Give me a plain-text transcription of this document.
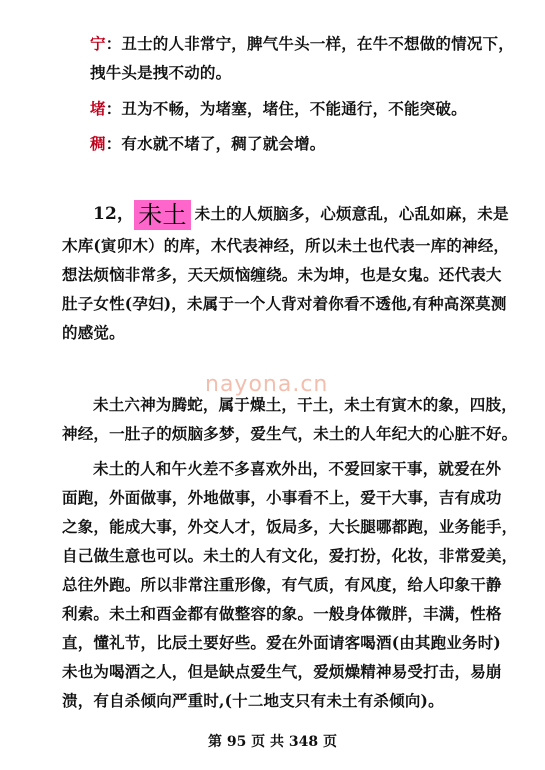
宁：丑士的人非常宁，脾气牛头一样，在牛不想做的情况下，
拽牛头是拽不动的。
堵：丑为不畅，为堵塞，堵住，不能通行，不能突破。
稠：有水就不堵了，稠了就会增。
12， 未土 未土的人烦脑多，心烦意乱，心乱如麻，未是
木库(寅卯木）的库，木代表神经，所以未土也代表一库的神经，
想法烦恼非常多，天天烦恼缠绕。未为坤，也是女鬼。还代表大
肚子女性(孕妇)，未属于一个人背对着你看不透他,有种高深莫测
的感觉。
nayona.cn
未土六神为腾蛇，属于燥土，干土，未土有寅木的象，四肢，
神经，一肚子的烦脑多梦，爱生气，未土的人年纪大的心脏不好。
未土的人和午火差不多喜欢外出，不爱回家干事，就爱在外
面跑，外面做事，外地做事，小事看不上，爱干大事，吉有成功
之象，能成大事，外交人才，饭局多，大长腿哪都跑，业务能手，
自己做生意也可以。未土的人有文化，爱打扮，化妆，非常爱美，
总往外跑。所以非常注重形像，有气质，有风度，给人印象干静
利索。未土和酉金都有做整容的象。一般身体微胖，丰满，性格
直，懂礼节，比辰土要好些。爱在外面请客喝酒(由其跑业务时)
未也为喝酒之人，但是缺点爱生气，爱烦燥精神易受打击，易崩
溃，有自杀倾向严重时,(十二地支只有未土有杀倾向)。
第 95 页 共 348 页
